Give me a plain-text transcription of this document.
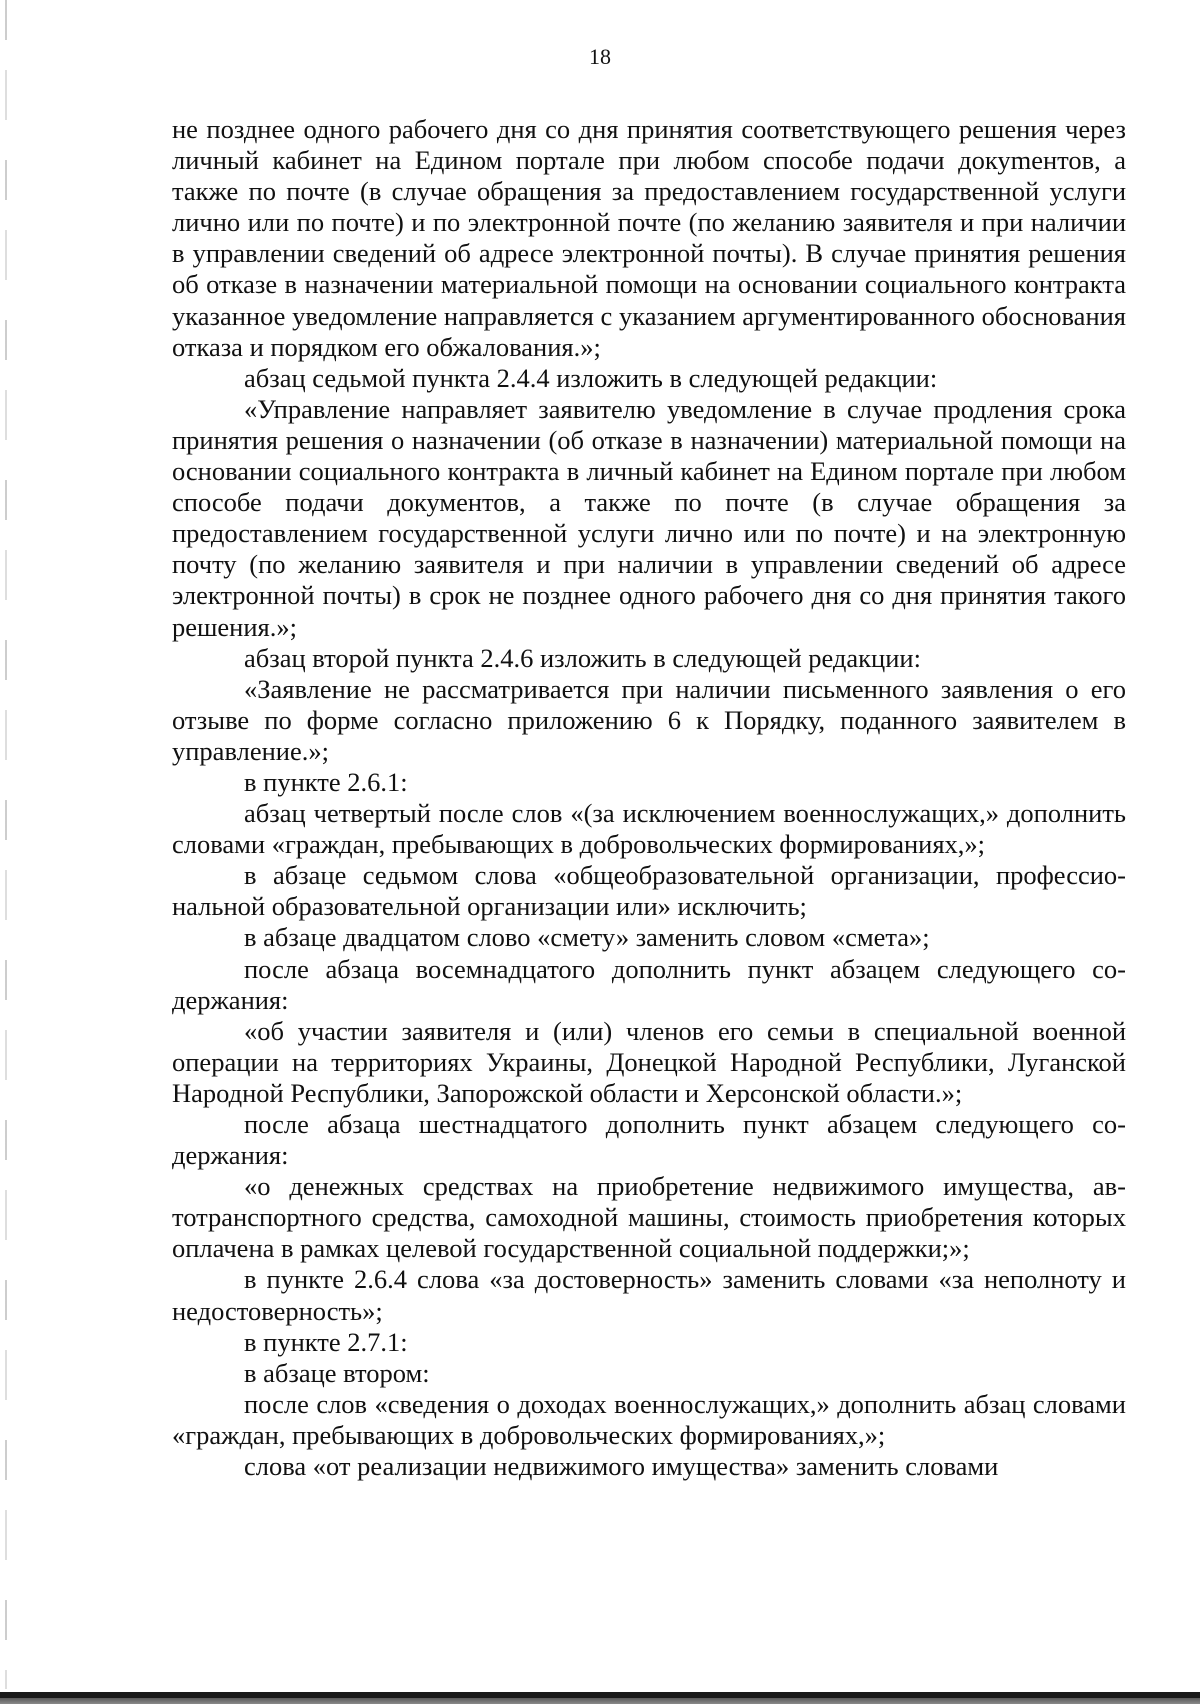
18

не позднее одного рабочего дня со дня принятия соответствующего решения через личный кабинет на Едином портале при любом способе подачи докуmентов, а также по почте (в случае обращения за предоставлением государственной услуги лично или по почте) и по электронной почте (по желанию заявителя и при наличии в управлении сведений об адресе электронной почты). В случае принятия решения об отказе в назначении материальной помощи на основании социального контракта указанное уведомление направляется с указанием аргументированного обоснования отказа и порядком его обжалования.»;

абзац седьмой пункта 2.4.4 изложить в следующей редакции:

«Управление направляет заявителю уведомление в случае продления срока принятия решения о назначении (об отказе в назначении) материальной помощи на основании социального контракта в личный кабинет на Едином портале при любом способе подачи документов, а также по почте (в случае обращения за предоставлением государственной услуги лично или по почте) и на электронную почту (по желанию заявителя и при наличии в управлении сведений об адресе электронной почты) в срок не позднее одного рабочего дня со дня принятия такого решения.»;

абзац второй пункта 2.4.6 изложить в следующей редакции:

«Заявление не рассматривается при наличии письменного заявления о его отзыве по форме согласно приложению 6 к Порядку, поданного заявителем в управление.»;

в пункте 2.6.1:

абзац четвертый после слов «(за исключением военнослужащих,» дополнить словами «граждан, пребывающих в добровольческих формированиях,»;

в абзаце седьмом слова «общеобразовательной организации, профессиональной образовательной организации или» исключить;

в абзаце двадцатом слово «смету» заменить словом «смета»;

после абзаца восемнадцатого дополнить пункт абзацем следующего содержания:

«об участии заявителя и (или) членов его семьи в специальной военной операции на территориях Украины, Донецкой Народной Республики, Луганской Народной Республики, Запорожской области и Херсонской области.»;

после абзаца шестнадцатого дополнить пункт абзацем следующего содержания:

«о денежных средствах на приобретение недвижимого имущества, автотранспортного средства, самоходной машины, стоимость приобретения которых оплачена в рамках целевой государственной социальной поддержки;»;

в пункте 2.6.4 слова «за достоверность» заменить словами «за неполноту и недостоверность»;

в пункте 2.7.1:

в абзаце втором:

после слов «сведения о доходах военнослужащих,» дополнить абзац словами «граждан, пребывающих в добровольческих формированиях,»;

слова «от реализации недвижимого имущества» заменить словами
